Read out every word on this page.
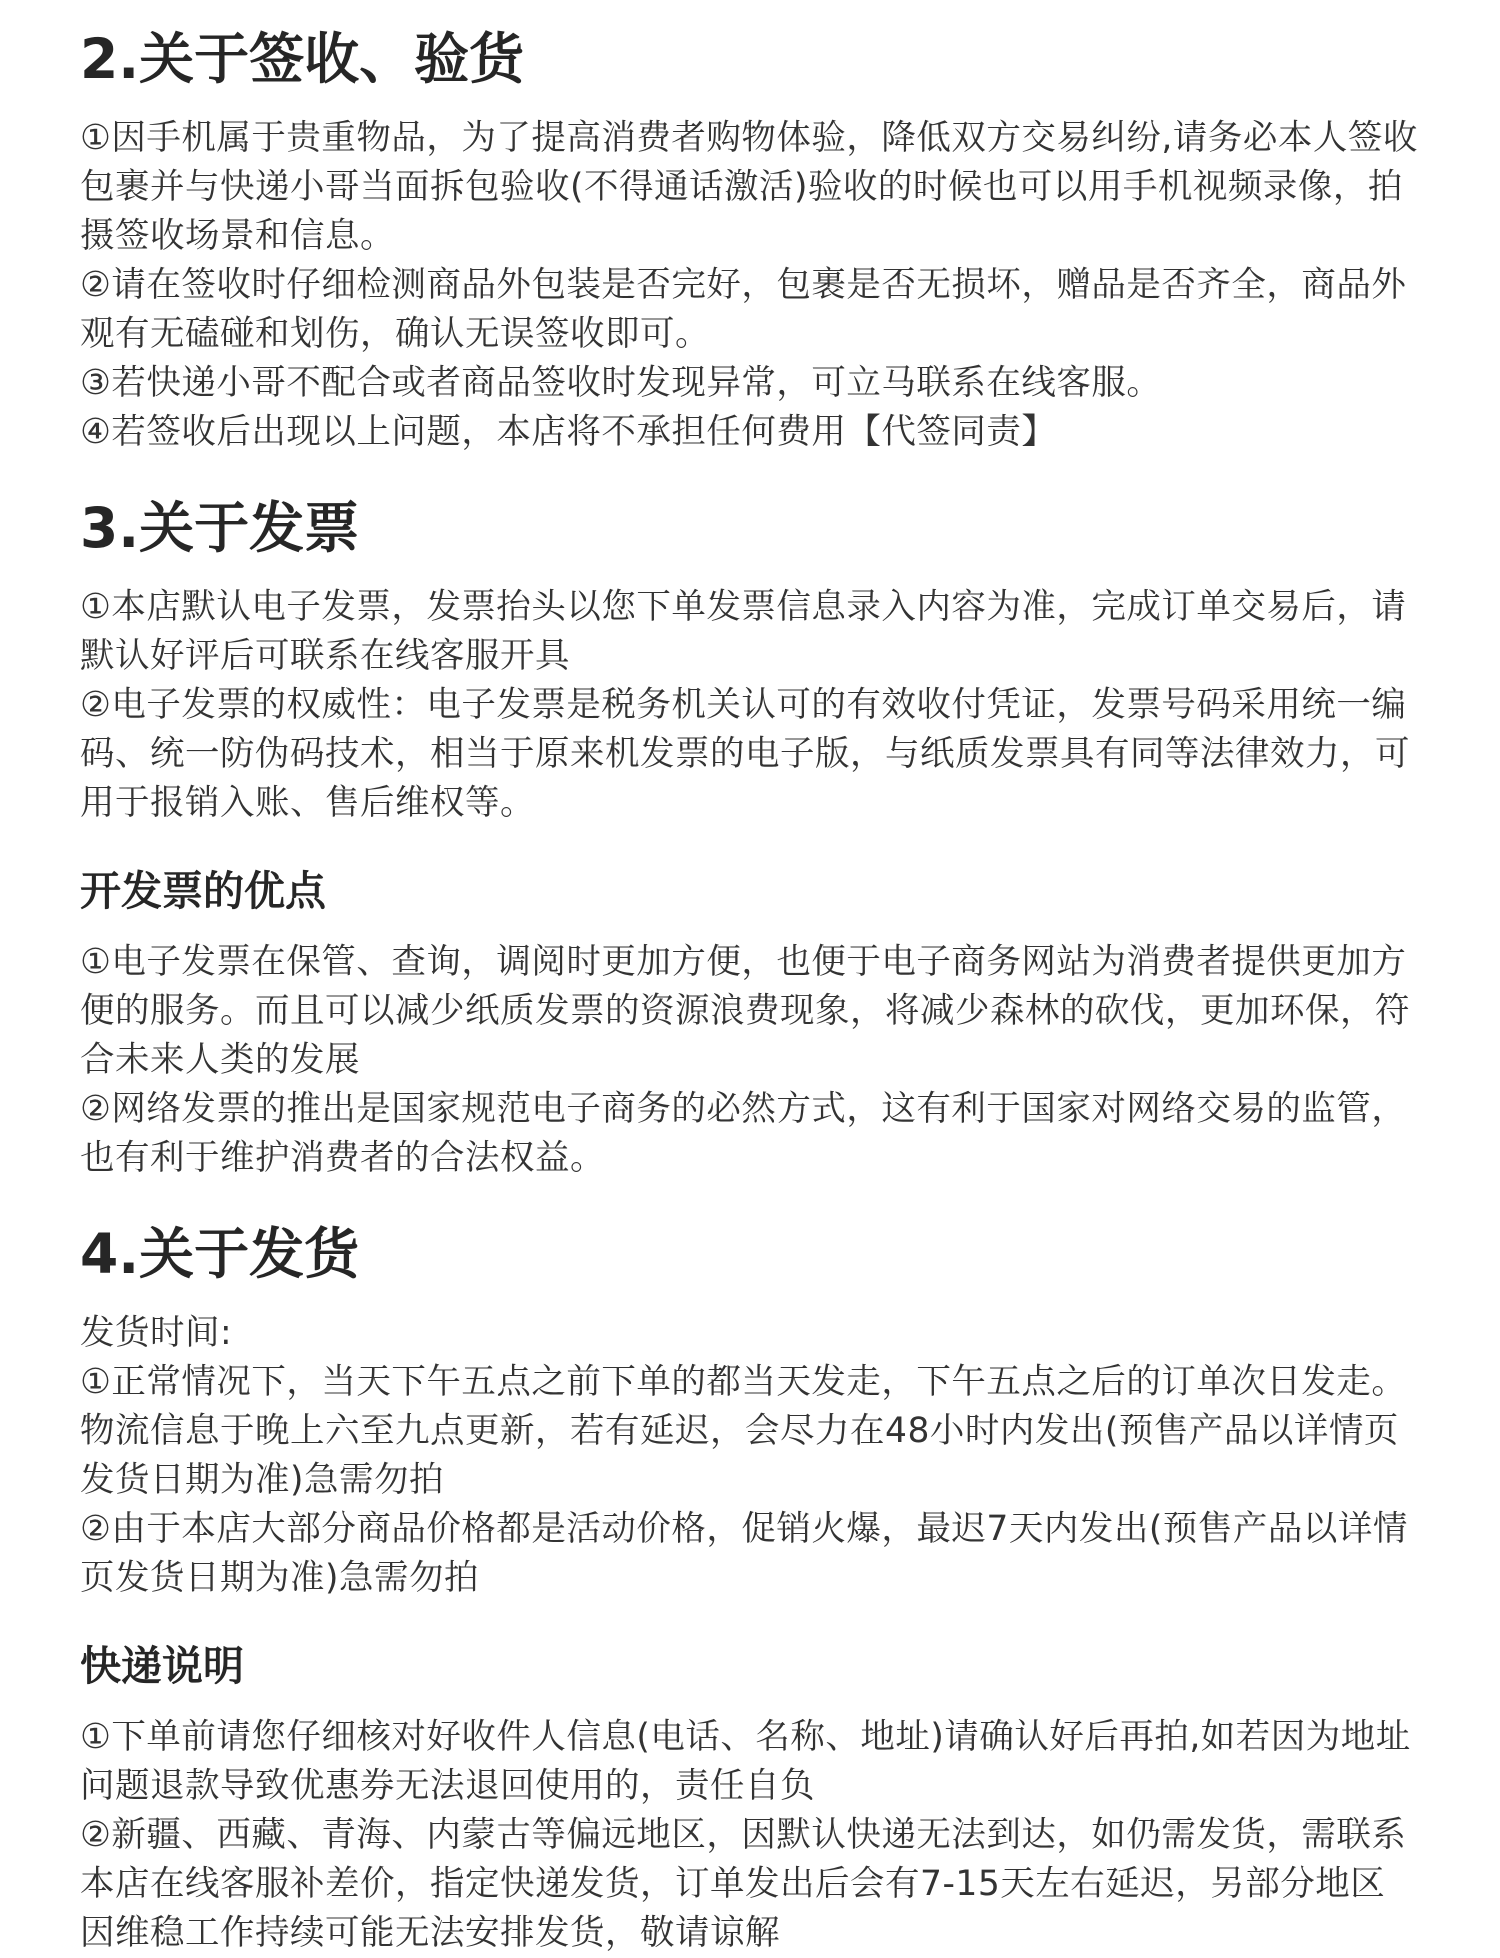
2.关于签收、验货

①因手机属于贵重物品，为了提高消费者购物体验，降低双方交易纠纷,请务必本人签收包裹并与快递小哥当面拆包验收(不得通话激活)验收的时候也可以用手机视频录像，拍摄签收场景和信息。

②请在签收时仔细检测商品外包装是否完好，包裹是否无损坏，赠品是否齐全，商品外观有无磕碰和划伤，确认无误签收即可。

③若快递小哥不配合或者商品签收时发现异常，可立马联系在线客服。

④若签收后出现以上问题，本店将不承担任何费用【代签同责】

3.关于发票

①本店默认电子发票，发票抬头以您下单发票信息录入内容为准，完成订单交易后，请默认好评后可联系在线客服开具

②电子发票的权威性：电子发票是税务机关认可的有效收付凭证，发票号码采用统一编码、统一防伪码技术，相当于原来机发票的电子版，与纸质发票具有同等法律效力，可用于报销入账、售后维权等。

开发票的优点

①电子发票在保管、查询，调阅时更加方便，也便于电子商务网站为消费者提供更加方便的服务。而且可以减少纸质发票的资源浪费现象，将减少森林的砍伐，更加环保，符合未来人类的发展

②网络发票的推出是国家规范电子商务的必然方式，这有利于国家对网络交易的监管，也有利于维护消费者的合法权益。

4.关于发货

发货时间:

①正常情况下，当天下午五点之前下单的都当天发走，下午五点之后的订单次日发走。物流信息于晚上六至九点更新，若有延迟，会尽力在48小时内发出(预售产品以详情页发货日期为准)急需勿拍

②由于本店大部分商品价格都是活动价格，促销火爆，最迟7天内发出(预售产品以详情页发货日期为准)急需勿拍

快递说明

①下单前请您仔细核对好收件人信息(电话、名称、地址)请确认好后再拍,如若因为地址问题退款导致优惠券无法退回使用的，责任自负

②新疆、西藏、青海、内蒙古等偏远地区，因默认快递无法到达，如仍需发货，需联系本店在线客服补差价，指定快递发货，订单发出后会有7-15天左右延迟，另部分地区因维稳工作持续可能无法安排发货，敬请谅解
